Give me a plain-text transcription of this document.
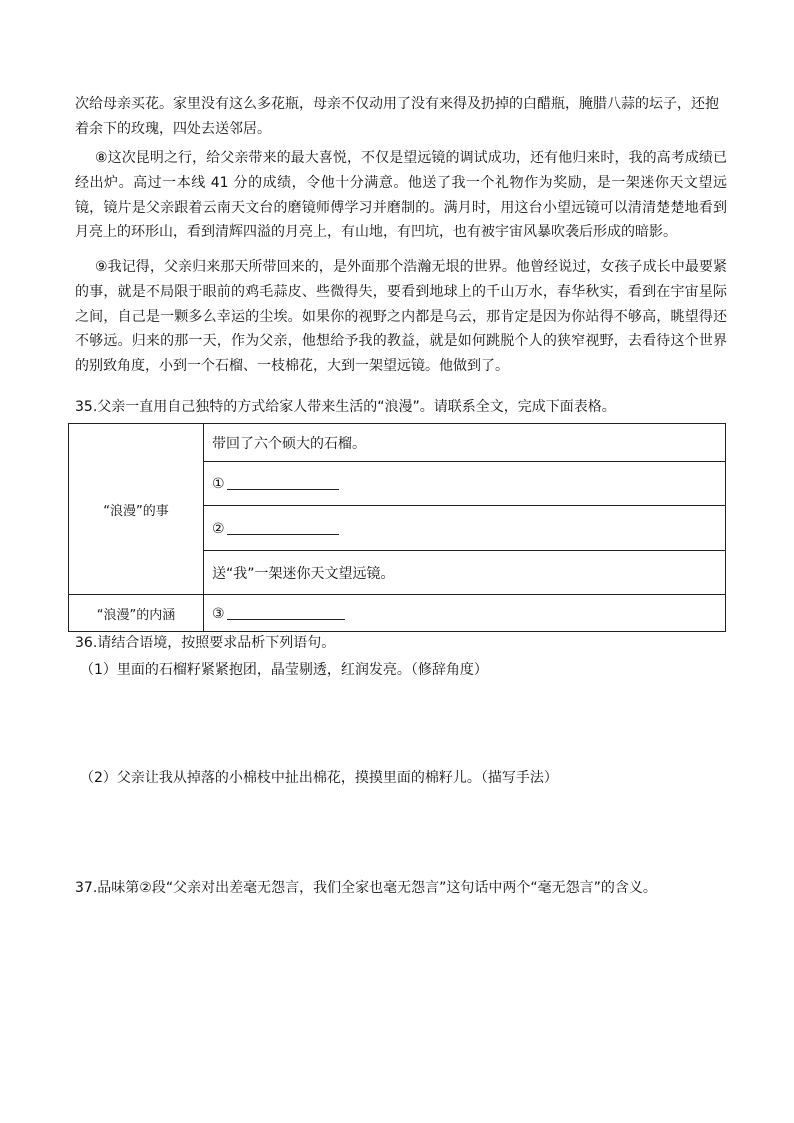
次给母亲买花。家里没有这么多花瓶，母亲不仅动用了没有来得及扔掉的白醋瓶，腌腊八蒜的坛子，还抱
着余下的玫瑰，四处去送邻居。

⑧这次昆明之行，给父亲带来的最大喜悦，不仅是望远镜的调试成功，还有他归来时，我的高考成绩已经出炉。高过一本线 41 分的成绩，令他十分满意。他送了我一个礼物作为奖励，是一架迷你天文望远镜，镜片是父亲跟着云南天文台的磨镜师傅学习并磨制的。满月时，用这台小望远镜可以清清楚楚地看到月亮上的环形山，看到清辉四溢的月亮上，有山地，有凹坑，也有被宇宙风暴吹袭后形成的暗影。

⑨我记得，父亲归来那天所带回来的，是外面那个浩瀚无垠的世界。他曾经说过，女孩子成长中最要紧的事，就是不局限于眼前的鸡毛蒜皮、些微得失，要看到地球上的千山万水，春华秋实，看到在宇宙星际之间，自己是一颗多么幸运的尘埃。如果你的视野之内都是乌云，那肯定是因为你站得不够高，眺望得还不够远。归来的那一天，作为父亲，他想给予我的教益，就是如何跳脱个人的狭窄视野，去看待这个世界的别致角度，小到一个石榴、一枝棉花，大到一架望远镜。他做到了。

35.父亲一直用自己独特的方式给家人带来生活的“浪漫”。请联系全文，完成下面表格。

“浪漫”的事	带回了六个硕大的石榴。
	①
	②
	送“我”一架迷你天文望远镜。
“浪漫”的内涵	③

36.请结合语境，按照要求品析下列语句。

（1）里面的石榴籽紧紧抱团，晶莹剔透，红润发亮。（修辞角度）

（2）父亲让我从掉落的小棉枝中扯出棉花，摸摸里面的棉籽儿。（描写手法）

37.品味第②段“父亲对出差毫无怨言，我们全家也毫无怨言”这句话中两个“毫无怨言”的含义。
